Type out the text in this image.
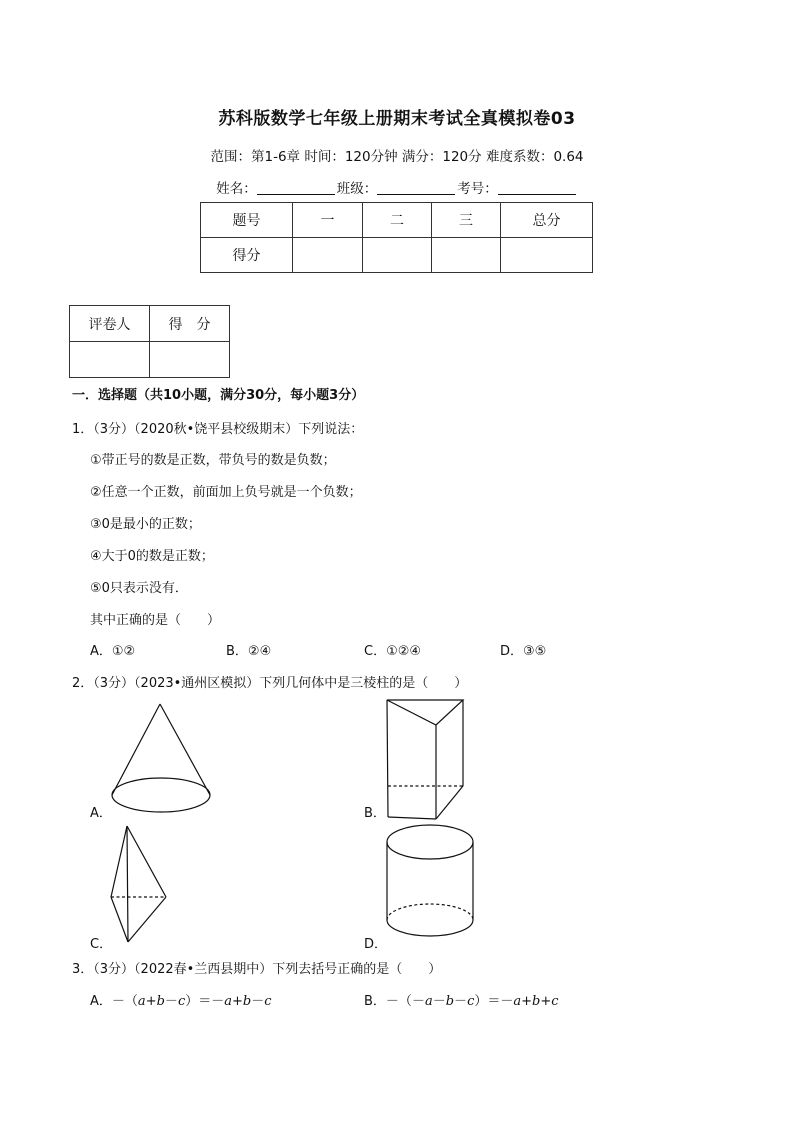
苏科版数学七年级上册期末考试全真模拟卷03
范围：第1-6章 时间：120分钟 满分：120分 难度系数：0.64
姓名：	班级：	考号：
题号	一	二	三	总分
得分				
评卷人	得　分

一．选择题（共10小题，满分30分，每小题3分）
1．（3分）（2020秋•饶平县校级期末）下列说法：
①带正号的数是正数，带负号的数是负数；
②任意一个正数，前面加上负号就是一个负数；
③0是最小的正数；
④大于0的数是正数；
⑤0只表示没有．
其中正确的是（　　）
A．①②	B．②④	C．①②④	D．③⑤
2．（3分）（2023•通州区模拟）下列几何体中是三棱柱的是（　　）
A．	B．
C．	D．
3．（3分）（2022春•兰西县期中）下列去括号正确的是（　　）
A．－（a+b－c）＝－a+b－c	B．－（－a－b－c）＝－a+b+c
